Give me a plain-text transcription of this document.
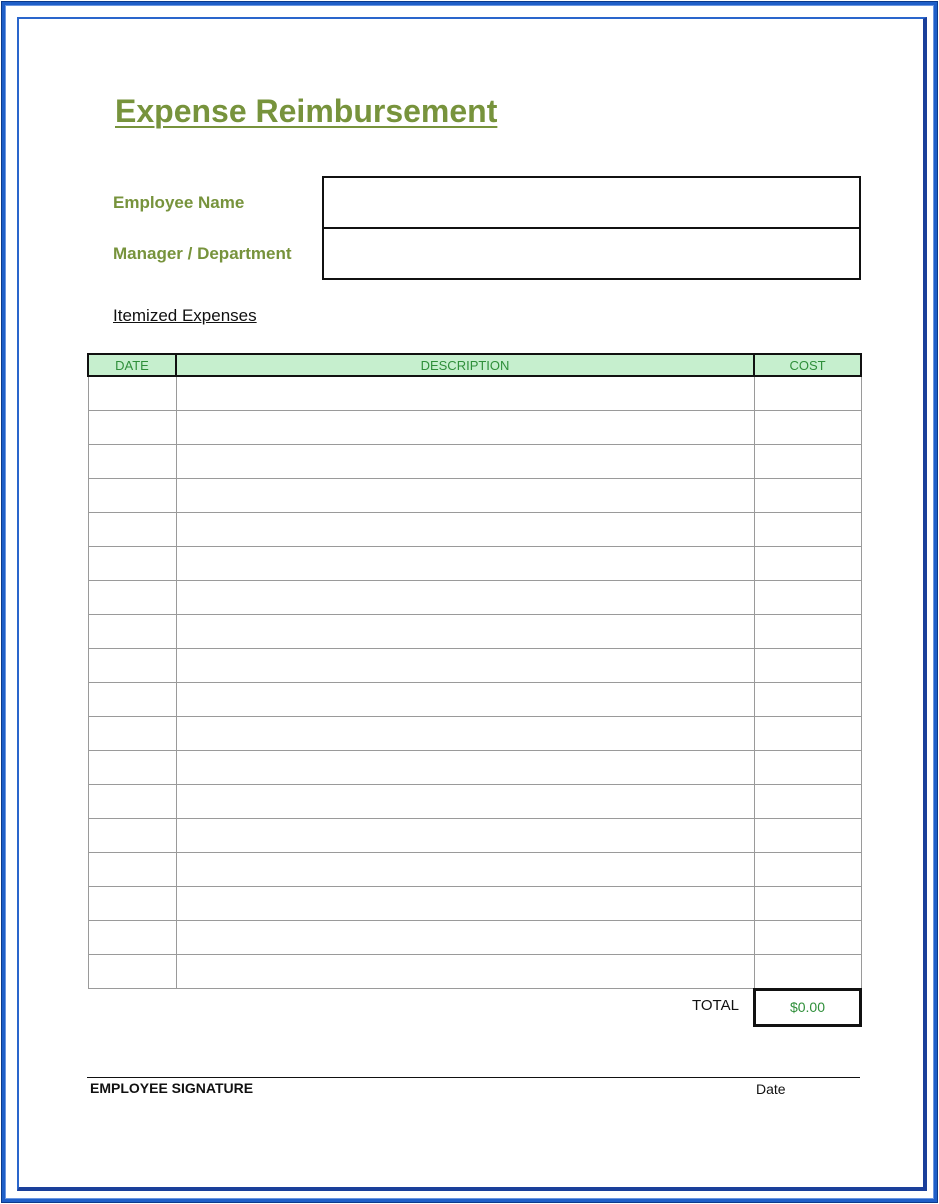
Expense Reimbursement
Employee Name
Manager / Department
Itemized Expenses
DATE	DESCRIPTION	COST

TOTAL	$0.00
EMPLOYEE SIGNATURE	Date
